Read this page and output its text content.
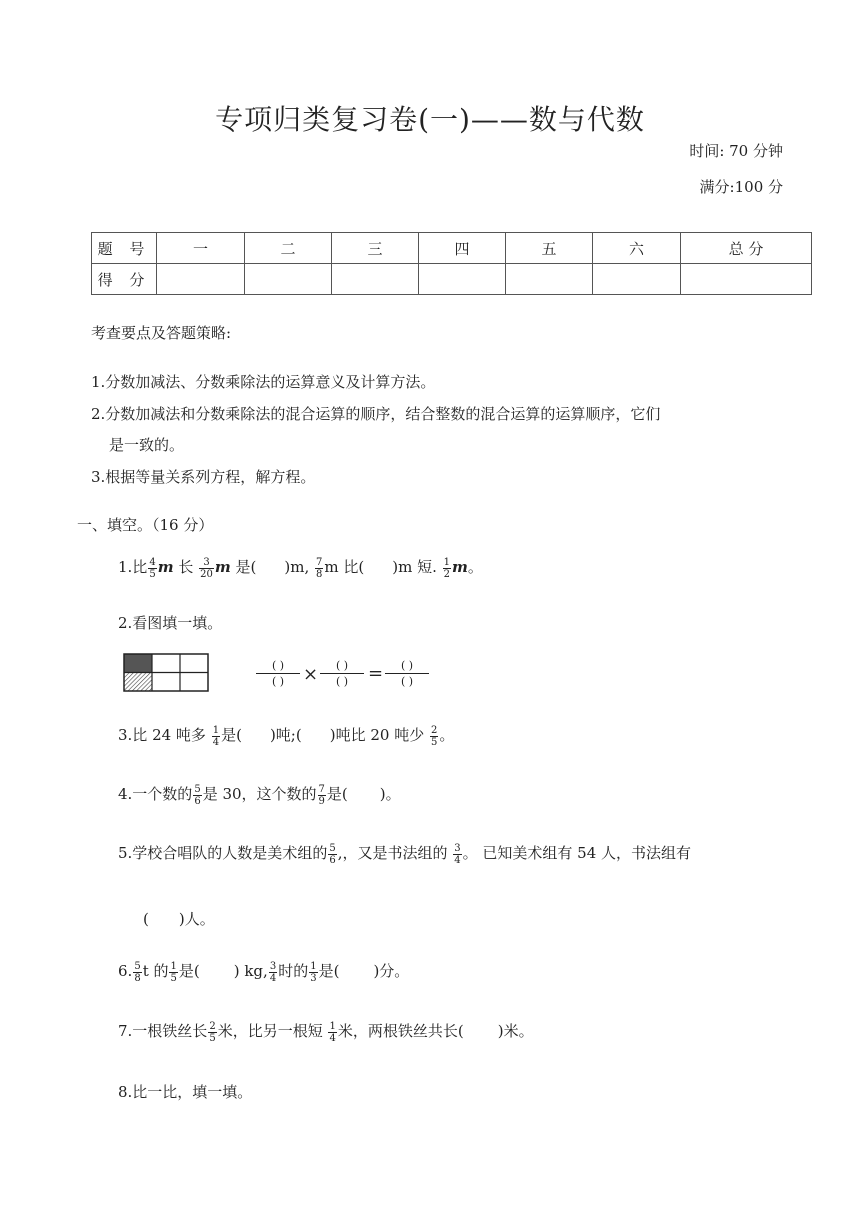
专项归类复习卷(一)——数与代数
时间: 70 分钟
满分:100 分
题 号	一	二	三	四	五	六	总 分
得 分							
考查要点及答题策略:
1.分数加减法、分数乘除法的运算意义及计算方法。
2.分数加减法和分数乘除法的混合运算的顺序，结合整数的混合运算的运算顺序，它们
是一致的。
3.根据等量关系列方程，解方程。
一、填空。（16 分）
1.比 $\frac{4}{5}$ m 长 $\frac{3}{20}$ m 是( )m, $\frac{7}{8}$ m 比( )m 短. $\frac{1}{2}$ m。
2.看图填一填。
( )
( )	×	( )
( )	=	( )
( )
3.比 24 吨多 $\frac{1}{4}$ 是( )吨;( )吨比 20 吨少 $\frac{2}{5}$ 。
4.一个数的 $\frac{5}{6}$ 是 30，这个数的 $\frac{7}{9}$ 是( )。
5.学校合唱队的人数是美术组的 $\frac{5}{6}$ ,，又是书法组的 $\frac{3}{4}$ 。 已知美术组有 54 人，书法组有
( )人。
6. $\frac{5}{8}$ t 的 $\frac{1}{5}$ 是( ) kg, $\frac{3}{4}$ 时的 $\frac{1}{3}$ 是( )分。
7.一根铁丝长 $\frac{2}{5}$ 米，比另一根短 $\frac{1}{4}$ 米，两根铁丝共长( )米。
8.比一比，填一填。
